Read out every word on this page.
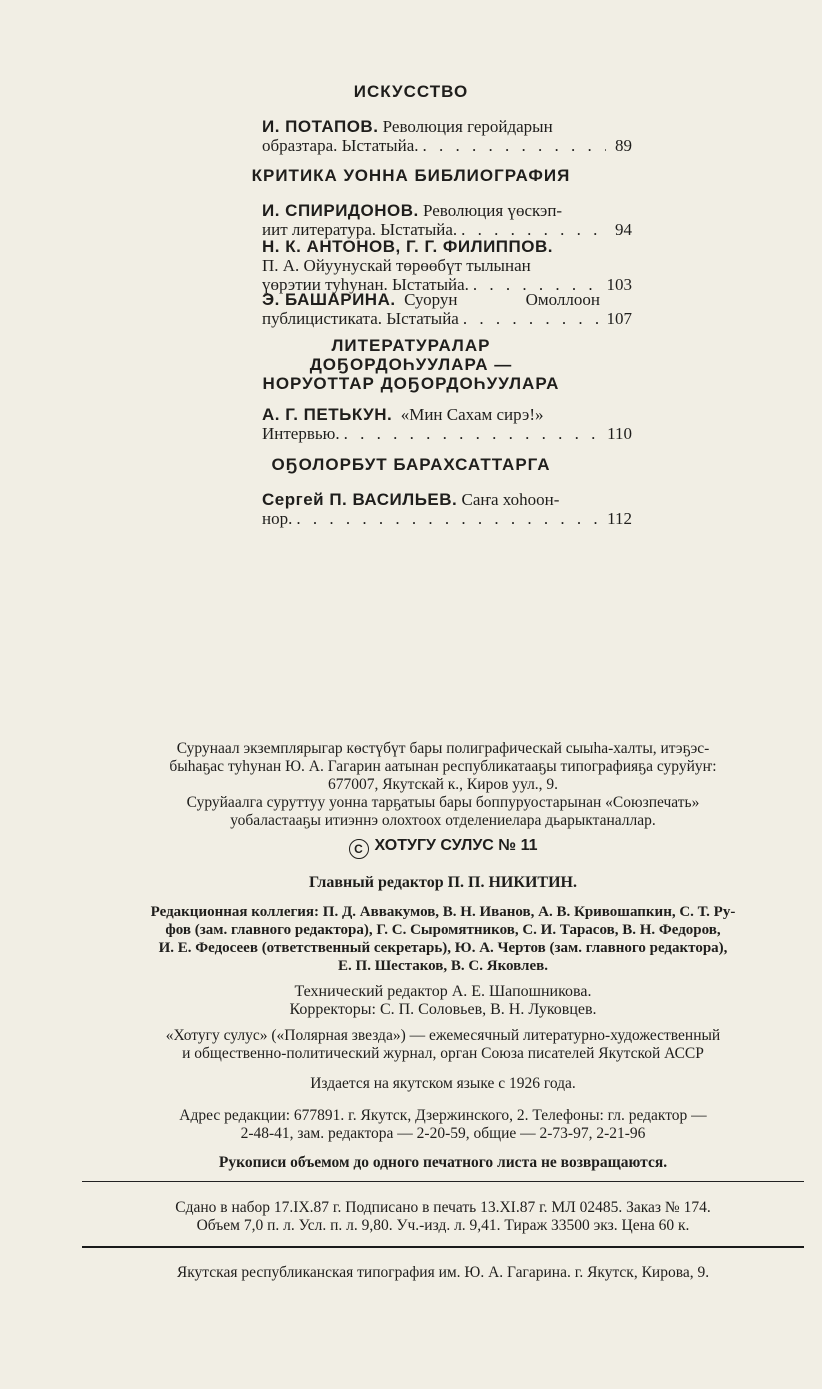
ИСКУССТВО
И. ПОТАПОВ.
Революция геройдарын
образтара. Ыстатыйа. . . .	89
КРИТИКА УОННА БИБЛИОГРАФИЯ
И. СПИРИДОНОВ.
Революция үөскэп-
иит литература. Ыстатыйа. . . .	94
Н. К. АНТОНОВ, Г. Г. ФИЛИППОВ.
П. А. Ойуунускай төрөөбүт тылынан
үөрэтии туһунан. Ыстатыйа. . . .	103
Э. БАШАРИНА. Суорун	Омоллоон
публицистиката. Ыстатыйа . . .	107
ЛИТЕРАТУРАЛАР
ДОҔОРДОҺУУЛАРА —
НОРУОТТАР ДОҔОРДОҺУУЛАРА
А. Г. ПЕТЬКУН.
«Мин Сахам сирэ!»
Интервью. . . .	110
ОҔОЛОРБУТ БАРАХСАТТАРГА
Сергей П. ВАСИЛЬЕВ.
Саҥа хоһоон-
нор. . . .	112
Сурунаал экземплярыгар көстүбүт бары полиграфическай сыыһа-халты, итэҕэс-
быһаҕас туһунан Ю. А. Гагарин аатынан республикатааҕы типографияҕа суруйуҥ:
677007, Якутскай к., Киров уул., 9.
Суруйаалга суруттуу уонна тарҕатыы бары боппуруостарынан «Союзпечать»
уобаластааҕы итиэннэ олохтоох отделениелара дьарыктаналлар.
С ХОТУГУ СУЛУС № 11
Главный редактор П. П. НИКИТИН.
Редакционная коллегия: П. Д. Аввакумов, В. Н. Иванов, А. В. Кривошапкин, С. Т. Ру-
фов (зам. главного редактора), Г. С. Сыромятников, С. И. Тарасов, В. Н. Федоров,
И. Е. Федосеев (ответственный секретарь), Ю. А. Чертов (зам. главного редактора),
Е. П. Шестаков, В. С. Яковлев.
Технический редактор А. Е. Шапошникова.
Корректоры: С. П. Соловьев, В. Н. Луковцев.
«Хотугу сулус» («Полярная звезда») — ежемесячный литературно-художественный
и общественно-политический журнал, орган Союза писателей Якутской АССР
Издается на якутском языке с 1926 года.
Адрес редакции: 677891. г. Якутск, Дзержинского, 2. Телефоны: гл. редактор —
2-48-41, зам. редактора — 2-20-59, общие — 2-73-97, 2-21-96
Рукописи объемом до одного печатного листа не возвращаются.
Сдано в набор 17.IX.87 г. Подписано в печать 13.XI.87 г. МЛ 02485. Заказ № 174.
Объем 7,0 п. л. Усл. п. л. 9,80. Уч.-изд. л. 9,41. Тираж 33500 экз. Цена 60 к.
Якутская республиканская типография им. Ю. А. Гагарина. г. Якутск, Кирова, 9.
